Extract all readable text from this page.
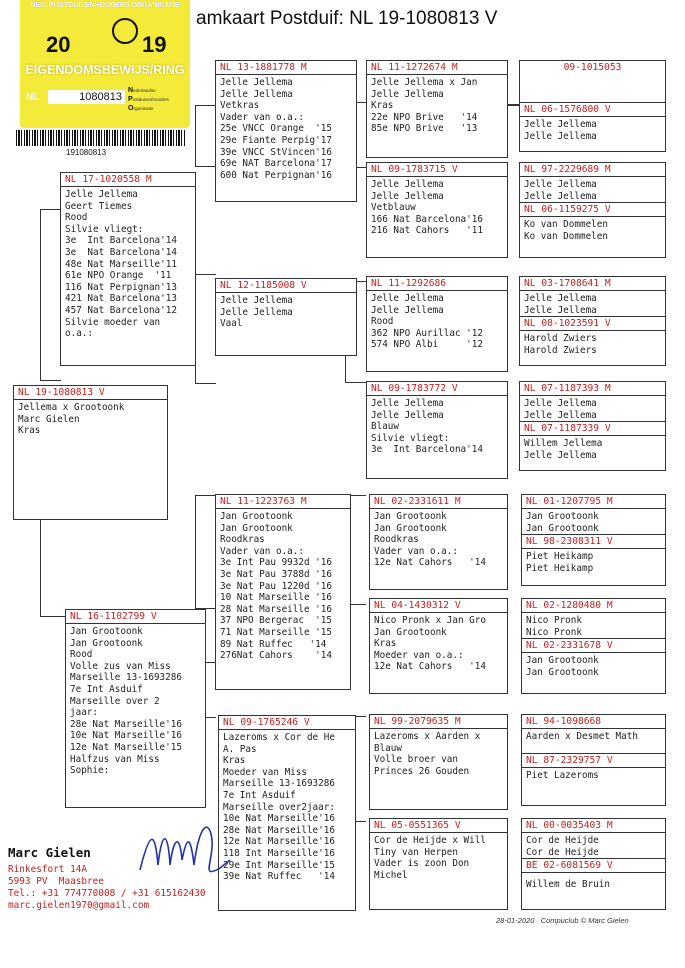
amkaart Postduif: NL 19-1080813 V
NED. POSTDUIVENHOUDERS ORGANISATIE
20	19
EIGENDOMSBEWIJS/RING
NL	1080813
Nederlandse
Postduivenhouders
Organisatie
191080813
NL 19-1080813 V
Jellema x Grootoonk
Marc Gielen
Kras
NL 17-1020558 M
Jelle Jellema
Geert Tiemes
Rood
Silvie vliegt:
3e  Int Barcelona'14
3e  Nat Barcelona'14
48e Nat Marseille'11
61e NPO Orange  '11
116 Nat Perpignan'13
421 Nat Barcelona'13
457 Nat Barcelona'12
Silvie moeder van
o.a.:
NL 16-1102799 V
Jan Grootoonk
Jan Grootoonk
Rood
Volle zus van Miss
Marseille 13-1693286
7e Int Asduif
Marseille over 2
jaar:
28e Nat Marseille'16
10e Nat Marseille'16
12e Nat Marseille'15
Halfzus van Miss
Sophie:
NL 13-1881778 M
Jelle Jellema
Jelle Jellema
Vetkras
Vader van o.a.:
25e VNCC Orange  '15
29e Fiante Perpig'17
39e VNCC StVincen'16
69e NAT Barcelona'17
600 Nat Perpignan'16
NL 12-1185008 V
Jelle Jellema
Jelle Jellema
Vaal
NL 11-1223763 M
Jan Grootoonk
Jan Grootoonk
Roodkras
Vader van o.a.:
3e Int Pau 9932d '16
3e Nat Pau 3788d '16
3e Nat Pau 1220d '16
10 Nat Marseille '16
28 Nat Marseille '16
37 NPO Bergerac  '15
71 Nat Marseille '15
89 Nat Ruffec   '14
276Nat Cahors    '14
NL 09-1765246 V
Lazeroms x Cor de He
A. Pas
Kras
Moeder van Miss
Marseille 13-1693286
7e Int Asduif
Marseille over2jaar:
10e Nat Marseille'16
28e Nat Marseille'16
12e Nat Marseille'16
118 Int Marseille'16
29e Int Marseille'15
39e Nat Ruffec   '14
NL 11-1272674 M
Jelle Jellema x Jan
Jelle Jellema
Kras
22e NPO Brive   '14
85e NPO Brive   '13
NL 09-1783715 V
Jelle Jellema
Jelle Jellema
Vetblauw
166 Nat Barcelona'16
216 Nat Cahors   '11
NL 11-1292686
Jelle Jellema
Jelle Jellema
Rood
362 NPO Aurillac '12
574 NPO Albi     '12
NL 09-1783772 V
Jelle Jellema
Jelle Jellema
Blauw
Silvie vliegt:
3e  Int Barcelona'14
NL 02-2331611 M
Jan Grootoonk
Jan Grootoonk
Roodkras
Vader van o.a.:
12e Nat Cahors   '14
NL 04-1430312 V
Nico Pronk x Jan Gro
Jan Grootoonk
Kras
Moeder van o.a.:
12e Nat Cahors   '14
NL 99-2079635 M
Lazeroms x Aarden x
Blauw
Volle broer van
Princes 26 Gouden
NL 05-0551365 V
Cor de Heijde x Will
Tiny van Herpen
Vader is zoon Don
Michel
09-1015053
NL 06-1576800 V
Jelle Jellema
Jelle Jellema
NL 97-2229689 M
Jelle Jellema
Jelle Jellema
NL 06-1159275 V
Ko van Dommelen
Ko van Dommelen
NL 03-1708641 M
Jelle Jellema
Jelle Jellema
NL 08-1023591 V
Harold Zwiers
Harold Zwiers
NL 07-1187393 M
Jelle Jellema
Jelle Jellema
NL 07-1187339 V
Willem Jellema
Jelle Jellema
NL 01-1207795 M
Jan Grootoonk
Jan Grootoonk
NL 98-2308311 V
Piet Heikamp
Piet Heikamp
NL 02-1280480 M
Nico Pronk
Nico Pronk
NL 02-2331678 V
Jan Grootoonk
Jan Grootoonk
NL 94-1098668
Aarden x Desmet Math
NL 87-2329757 V
Piet Lazeroms
NL 00-0035403 M
Cor de Heijde
Cor de Heijde
BE 02-6081569 V
Willem de Bruin
Marc Gielen
Rinkesfort 14A
5993 PV  Maasbree
Tel.: +31 774770008 / +31 615162430
marc.gielen1970@gmail.com
28-01-2020   Compuclub © Marc Gielen
